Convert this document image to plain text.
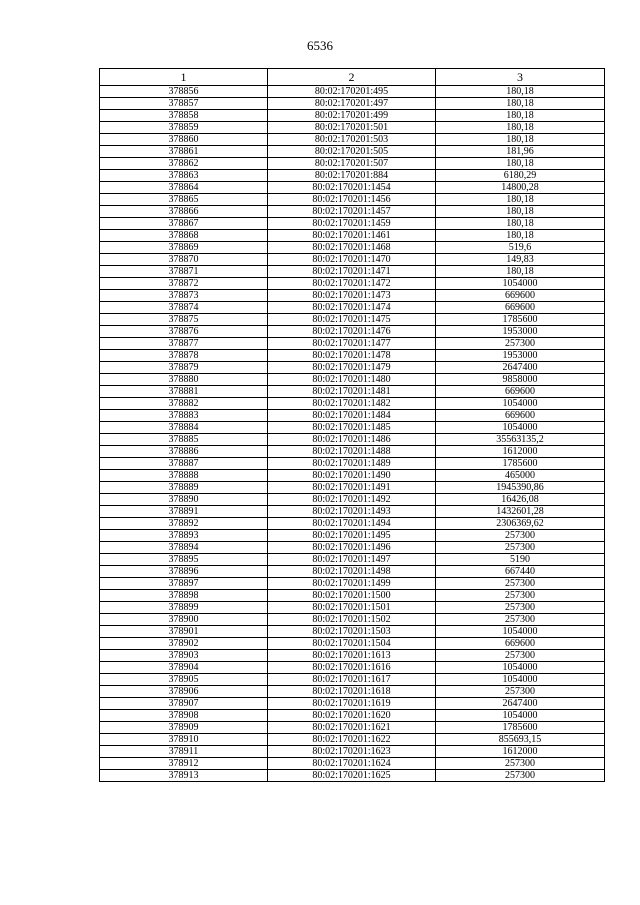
6536
1	2	3
378856	80:02:170201:495	180,18
378857	80:02:170201:497	180,18
378858	80:02:170201:499	180,18
378859	80:02:170201:501	180,18
378860	80:02:170201:503	180,18
378861	80:02:170201:505	181,96
378862	80:02:170201:507	180,18
378863	80:02:170201:884	6180,29
378864	80:02:170201:1454	14800,28
378865	80:02:170201:1456	180,18
378866	80:02:170201:1457	180,18
378867	80:02:170201:1459	180,18
378868	80:02:170201:1461	180,18
378869	80:02:170201:1468	519,6
378870	80:02:170201:1470	149,83
378871	80:02:170201:1471	180,18
378872	80:02:170201:1472	1054000
378873	80:02:170201:1473	669600
378874	80:02:170201:1474	669600
378875	80:02:170201:1475	1785600
378876	80:02:170201:1476	1953000
378877	80:02:170201:1477	257300
378878	80:02:170201:1478	1953000
378879	80:02:170201:1479	2647400
378880	80:02:170201:1480	9858000
378881	80:02:170201:1481	669600
378882	80:02:170201:1482	1054000
378883	80:02:170201:1484	669600
378884	80:02:170201:1485	1054000
378885	80:02:170201:1486	35563135,2
378886	80:02:170201:1488	1612000
378887	80:02:170201:1489	1785600
378888	80:02:170201:1490	465000
378889	80:02:170201:1491	1945390,86
378890	80:02:170201:1492	16426,08
378891	80:02:170201:1493	1432601,28
378892	80:02:170201:1494	2306369,62
378893	80:02:170201:1495	257300
378894	80:02:170201:1496	257300
378895	80:02:170201:1497	5190
378896	80:02:170201:1498	667440
378897	80:02:170201:1499	257300
378898	80:02:170201:1500	257300
378899	80:02:170201:1501	257300
378900	80:02:170201:1502	257300
378901	80:02:170201:1503	1054000
378902	80:02:170201:1504	669600
378903	80:02:170201:1613	257300
378904	80:02:170201:1616	1054000
378905	80:02:170201:1617	1054000
378906	80:02:170201:1618	257300
378907	80:02:170201:1619	2647400
378908	80:02:170201:1620	1054000
378909	80:02:170201:1621	1785600
378910	80:02:170201:1622	855693,15
378911	80:02:170201:1623	1612000
378912	80:02:170201:1624	257300
378913	80:02:170201:1625	257300
